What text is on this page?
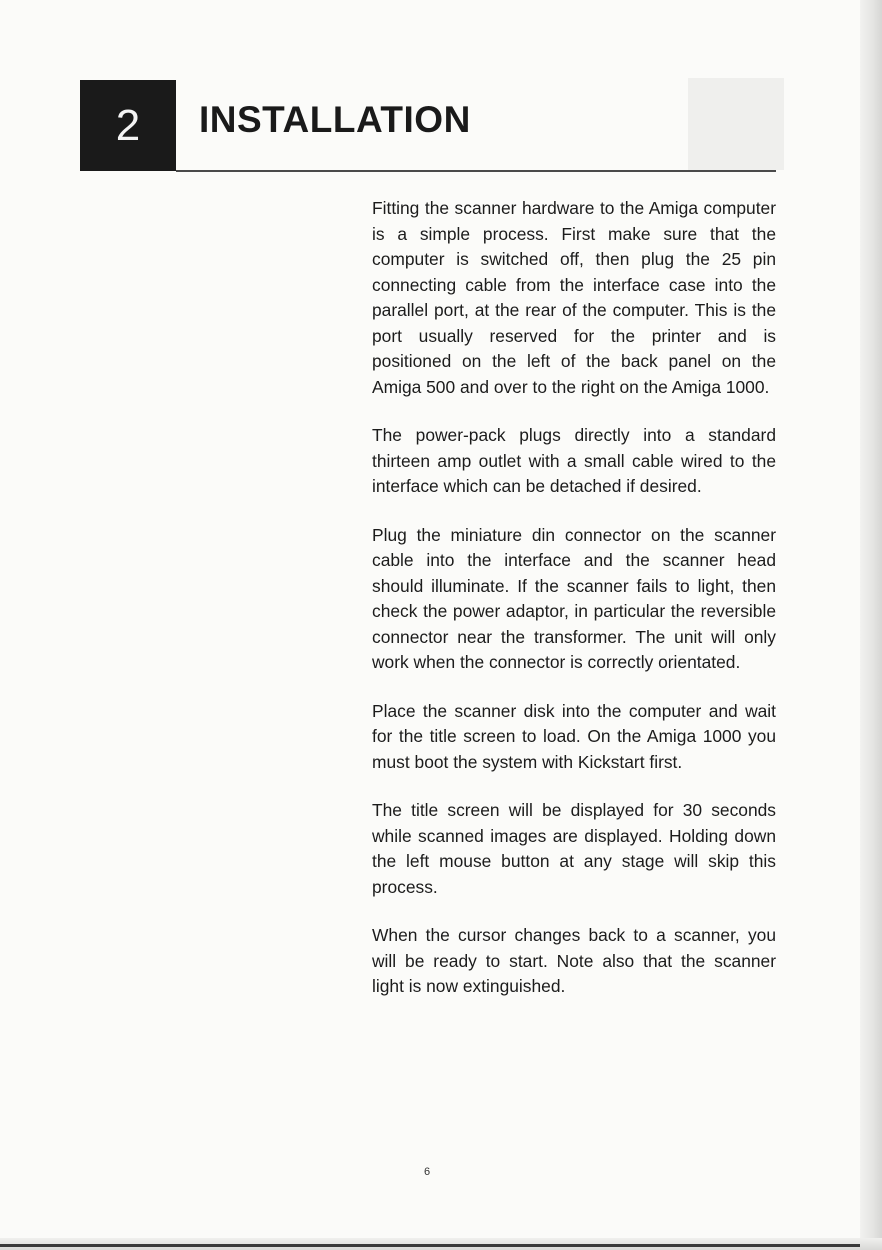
2	INSTALLATION

Fitting the scanner hardware to the Amiga computer is a simple process. First make sure that the computer is switched off, then plug the 25 pin connecting cable from the interface case into the parallel port, at the rear of the computer. This is the port usually reserved for the printer and is positioned on the left of the back panel on the Amiga 500 and over to the right on the Amiga 1000.

The power-pack plugs directly into a standard thirteen amp outlet with a small cable wired to the interface which can be detached if desired.

Plug the miniature din connector on the scanner cable into the interface and the scanner head should illuminate. If the scanner fails to light, then check the power adaptor, in particular the reversible connector near the transformer. The unit will only work when the connector is correctly orientated.

Place the scanner disk into the computer and wait for the title screen to load. On the Amiga 1000 you must boot the system with Kickstart first.

The title screen will be displayed for 30 seconds while scanned images are displayed. Holding down the left mouse button at any stage will skip this process.

When the cursor changes back to a scanner, you will be ready to start. Note also that the scanner light is now extinguished.

6
